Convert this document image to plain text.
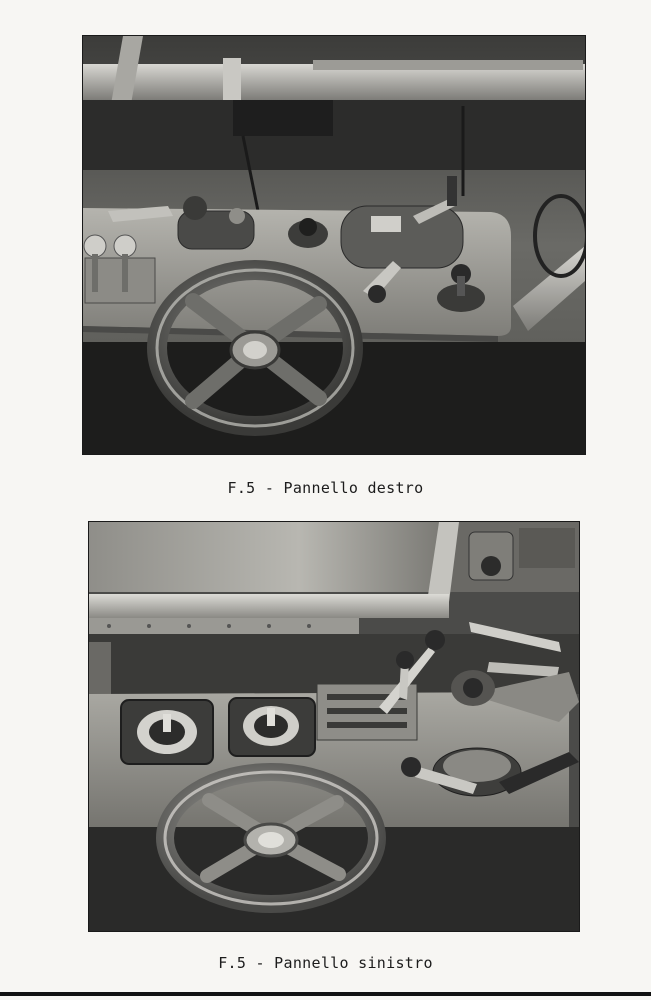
F.5 - Pannello destro
F.5 - Pannello sinistro
